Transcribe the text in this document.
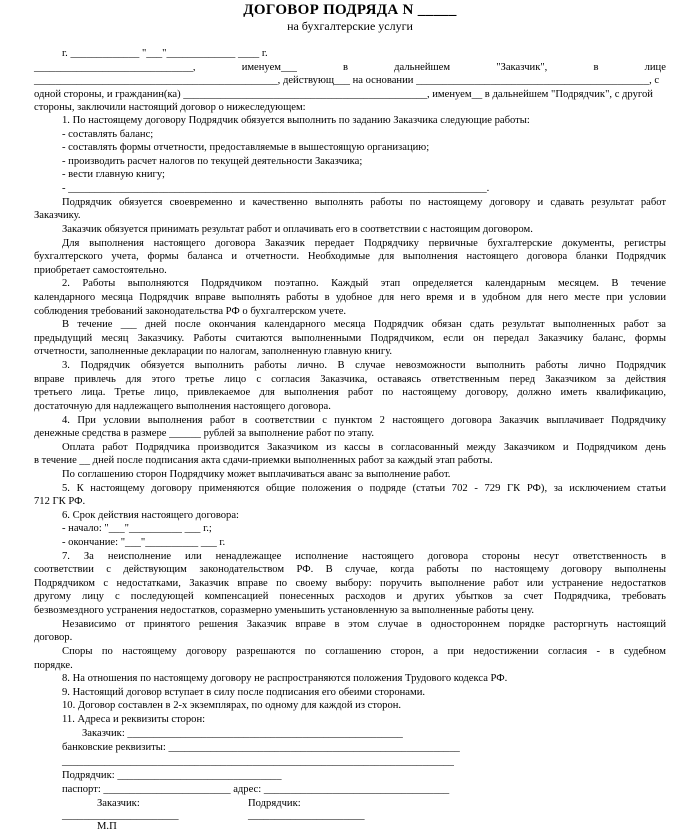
ДОГОВОР ПОДРЯДА N _____
на бухгалтерские услуги
г. _____________ "___"_____________ ____ г.
______________________________,	именуем___	в	дальнейшем	"Заказчик",	в	лице
______________________________________________, действующ___ на основании ____________________________________________, с
одной стороны, и гражданин(ка) ______________________________________________, именуем__ в дальнейшем "Подрядчик", с другой
стороны, заключили настоящий договор о нижеследующем:
1. По настоящему договору Подрядчик обязуется выполнить по заданию Заказчика следующие работы:
- составлять баланс;
- составлять формы отчетности, предоставляемые в вышестоящую организацию;
- производить расчет налогов по текущей деятельности Заказчика;
- вести главную книгу;
- _______________________________________________________________________________.
Подрядчик обязуется своевременно и качественно выполнять работы по настоящему договору и сдавать результат работ
Заказчику.
Заказчик обязуется принимать результат работ и оплачивать его в соответствии с настоящим договором.
Для выполнения настоящего договора Заказчик передает Подрядчику первичные бухгалтерские документы, регистры
бухгалтерского учета, формы баланса и отчетности. Необходимые для выполнения настоящего договора бланки Подрядчик
приобретает самостоятельно.
2. Работы выполняются Подрядчиком поэтапно. Каждый этап определяется календарным месяцем. В течение
календарного месяца Подрядчик вправе выполнять работы в удобное для него время и в удобном для него месте при условии
соблюдения требований законодательства РФ о бухгалтерском учете.
В течение ___ дней после окончания календарного месяца Подрядчик обязан сдать результат выполненных работ за
предыдущий месяц Заказчику. Работы считаются выполненными Подрядчиком, если он передал Заказчику баланс, формы
отчетности, заполненные декларации по налогам, заполненную главную книгу.
3. Подрядчик обязуется выполнить работы лично. В случае невозможности выполнить работы лично Подрядчик
вправе привлечь для этого третье лицо с согласия Заказчика, оставаясь ответственным перед Заказчиком за действия
третьего лица. Третье лицо, привлекаемое для выполнения работ по настоящему договору, должно иметь квалификацию,
достаточную для надлежащего выполнения настоящего договора.
4. При условии выполнения работ в соответствии с пунктом 2 настоящего договора Заказчик выплачивает Подрядчику
денежные средства в размере ______ рублей за выполнение работ по этапу.
Оплата работ Подрядчика производится Заказчиком из кассы в согласованный между Заказчиком и Подрядчиком день
в течение __ дней после подписания акта сдачи-приемки выполненных работ за каждый этап работы.
По соглашению сторон Подрядчику может выплачиваться аванс за выполнение работ.
5. К настоящему договору применяются общие положения о подряде (статьи 702 - 729 ГК РФ), за исключением статьи
712 ГК РФ.
6. Срок действия настоящего договора:
- начало: "___"__________ ___ г.;
- окончание: "___"__________ ___ г.
7. За неисполнение или ненадлежащее исполнение настоящего договора стороны несут ответственность в
соответствии с действующим законодательством РФ. В случае, когда работы по настоящему договору выполнены
Подрядчиком с недостатками, Заказчик вправе по своему выбору: поручить выполнение работ или устранение недостатков
другому лицу с последующей компенсацией понесенных расходов и других убытков за счет Подрядчика, требовать
безвозмездного устранения недостатков, соразмерно уменьшить установленную за выполненные работы цену.
Независимо от принятого решения Заказчик вправе в этом случае в одностороннем порядке расторгнуть настоящий
договор.
Споры по настоящему договору разрешаются по соглашению сторон, а при недостижении согласия - в судебном
порядке.
8. На отношения по настоящему договору не распространяются положения Трудового кодекса РФ.
9. Настоящий договор вступает в силу после подписания его обеими сторонами.
10. Договор составлен в 2-х экземплярах, по одному для каждой из сторон.
11. Адреса и реквизиты сторон:
Заказчик: ____________________________________________________
банковские реквизиты: _______________________________________________________
__________________________________________________________________________
Подрядчик: _______________________________
паспорт: ________________________ адрес: ___________________________________
Заказчик:	Подрядчик:
______________________	______________________
М.П
